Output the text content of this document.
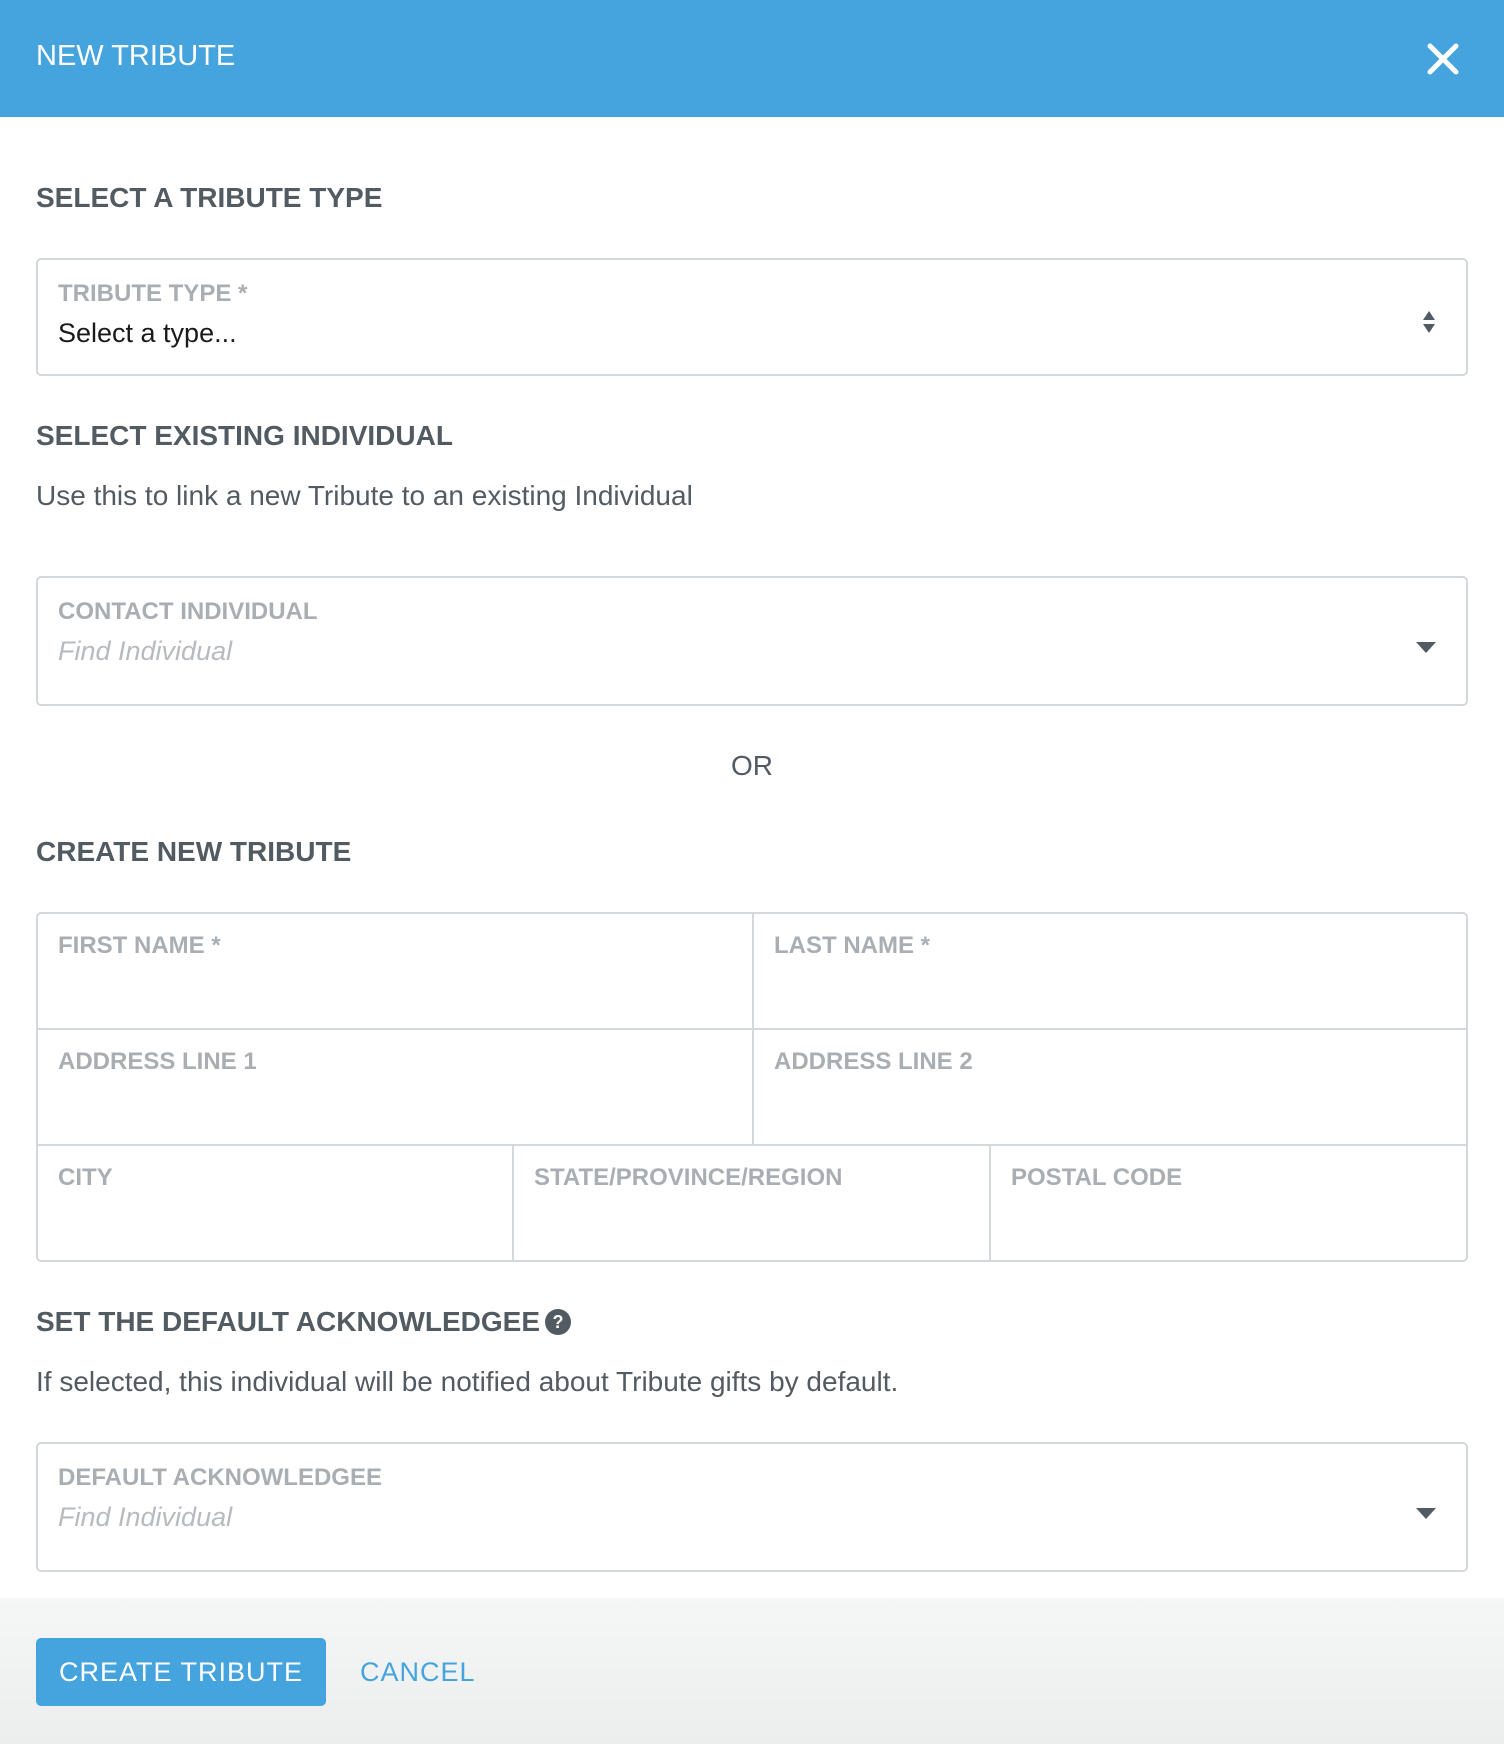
NEW TRIBUTE
SELECT A TRIBUTE TYPE
TRIBUTE TYPE *
Select a type...
SELECT EXISTING INDIVIDUAL
Use this to link a new Tribute to an existing Individual
CONTACT INDIVIDUAL
Find Individual
OR
CREATE NEW TRIBUTE
FIRST NAME *	LAST NAME *
ADDRESS LINE 1	ADDRESS LINE 2
CITY	STATE/PROVINCE/REGION	POSTAL CODE
SET THE DEFAULT ACKNOWLEDGEE ?
If selected, this individual will be notified about Tribute gifts by default.
DEFAULT ACKNOWLEDGEE
Find Individual
CREATE TRIBUTE	CANCEL
